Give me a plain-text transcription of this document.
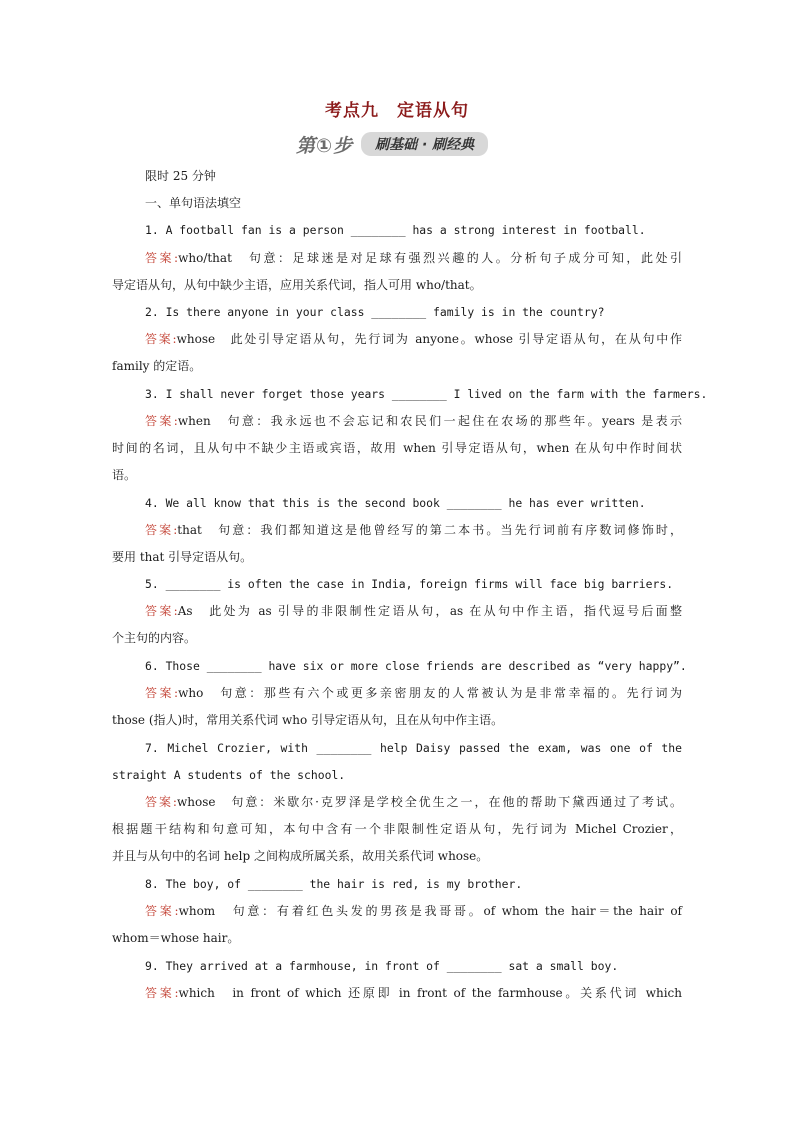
考点九　定语从句
第①步	刷基础 · 刷经典
限时 25 分钟
一、单句语法填空
1. A football fan is a person ________ has a strong interest in football.
答案:who/that　句意：足球迷是对足球有强烈兴趣的人。分析句子成分可知，此处引
导定语从句，从句中缺少主语，应用关系代词，指人可用 who/that。
2. Is there anyone in your class ________ family is in the country?
答案:whose　此处引导定语从句，先行词为 anyone。whose 引导定语从句，在从句中作
family 的定语。
3. I shall never forget those years ________ I lived on the farm with the farmers.
答案:when　句意：我永远也不会忘记和农民们一起住在农场的那些年。years 是表示
时间的名词，且从句中不缺少主语或宾语，故用 when 引导定语从句，when 在从句中作时间状
语。
4. We all know that this is the second book ________ he has ever written.
答案:that　句意：我们都知道这是他曾经写的第二本书。当先行词前有序数词修饰时，
要用 that 引导定语从句。
5. ________ is often the case in India, foreign firms will face big barriers.
答案:As　此处为 as 引导的非限制性定语从句，as 在从句中作主语，指代逗号后面整
个主句的内容。
6. Those ________ have six or more close friends are described as “very happy”.
答案:who　句意：那些有六个或更多亲密朋友的人常被认为是非常幸福的。先行词为
those (指人)时，常用关系代词 who 引导定语从句，且在从句中作主语。
7. Michel Crozier, with ________ help Daisy passed the exam, was one of the
straight A students of the school.
答案:whose　句意：米歇尔·克罗泽是学校全优生之一，在他的帮助下黛西通过了考试。
根据题干结构和句意可知，本句中含有一个非限制性定语从句，先行词为 Michel Crozier，
并且与从句中的名词 help 之间构成所属关系，故用关系代词 whose。
8. The boy, of ________ the hair is red, is my brother.
答案:whom　句意：有着红色头发的男孩是我哥哥。of whom the hair＝the hair of
whom＝whose hair。
9. They arrived at a farmhouse, in front of ________ sat a small boy.
答案:which　in front of which 还原即 in front of the farmhouse。关系代词 which
